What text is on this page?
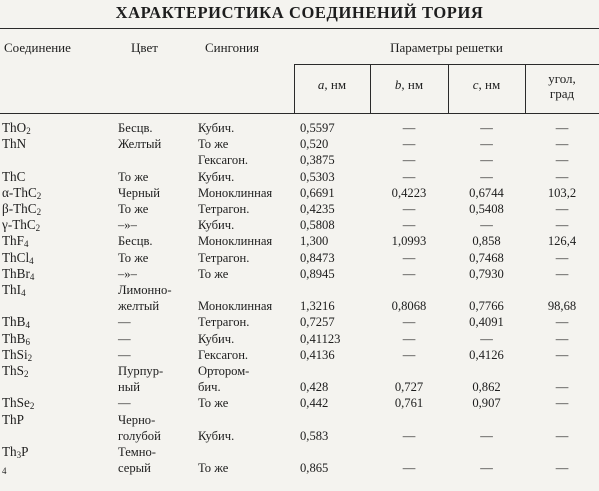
ХАРАКТЕРИСТИКА СОЕДИНЕНИЙ ТОРИЯ
Соединение	Цвет	Сингония	Параметры решетки
a, нм	b, нм	c, нм	угол,
град
ThO$_2$	Бесцв.	Кубич.	0,5597	—	—	—
ThN	Желтый	То же	0,520	—	—	—
		Гексагон.	0,3875	—	—	—
ThC	То же	Кубич.	0,5303	—	—	—
α-ThC$_2$	Черный	Моноклинная	0,6691	0,4223	0,6744	103,2
β-ThC$_2$	То же	Тетрагон.	0,4235	—	0,5408	—
γ-ThC$_2$	–»–	Кубич.	0,5808	—	—	—
ThF$_4$	Бесцв.	Моноклинная	1,300	1,0993	0,858	126,4
ThCl$_4$	То же	Тетрагон.	0,8473	—	0,7468	—
ThBr$_4$	–»–	То же	0,8945	—	0,7930	—
ThI$_4$	Лимонно-					
	желтый	Моноклинная	1,3216	0,8068	0,7766	98,68
ThB$_4$	—	Тетрагон.	0,7257	—	0,4091	—
ThB$_6$	—	Кубич.	0,41123	—	—	—
ThSi$_2$	—	Гексагон.	0,4136	—	0,4126	—
ThS$_2$	Пурпур-	Ортором-				
	ный	бич.	0,428	0,727	0,862	—
ThSe$_2$	—	То же	0,442	0,761	0,907	—
ThP	Черно-					
	голубой	Кубич.	0,583	—	—	—
$Th_3P$	Темно-					
$_4$	серый	То же	0,865	—	—	—
